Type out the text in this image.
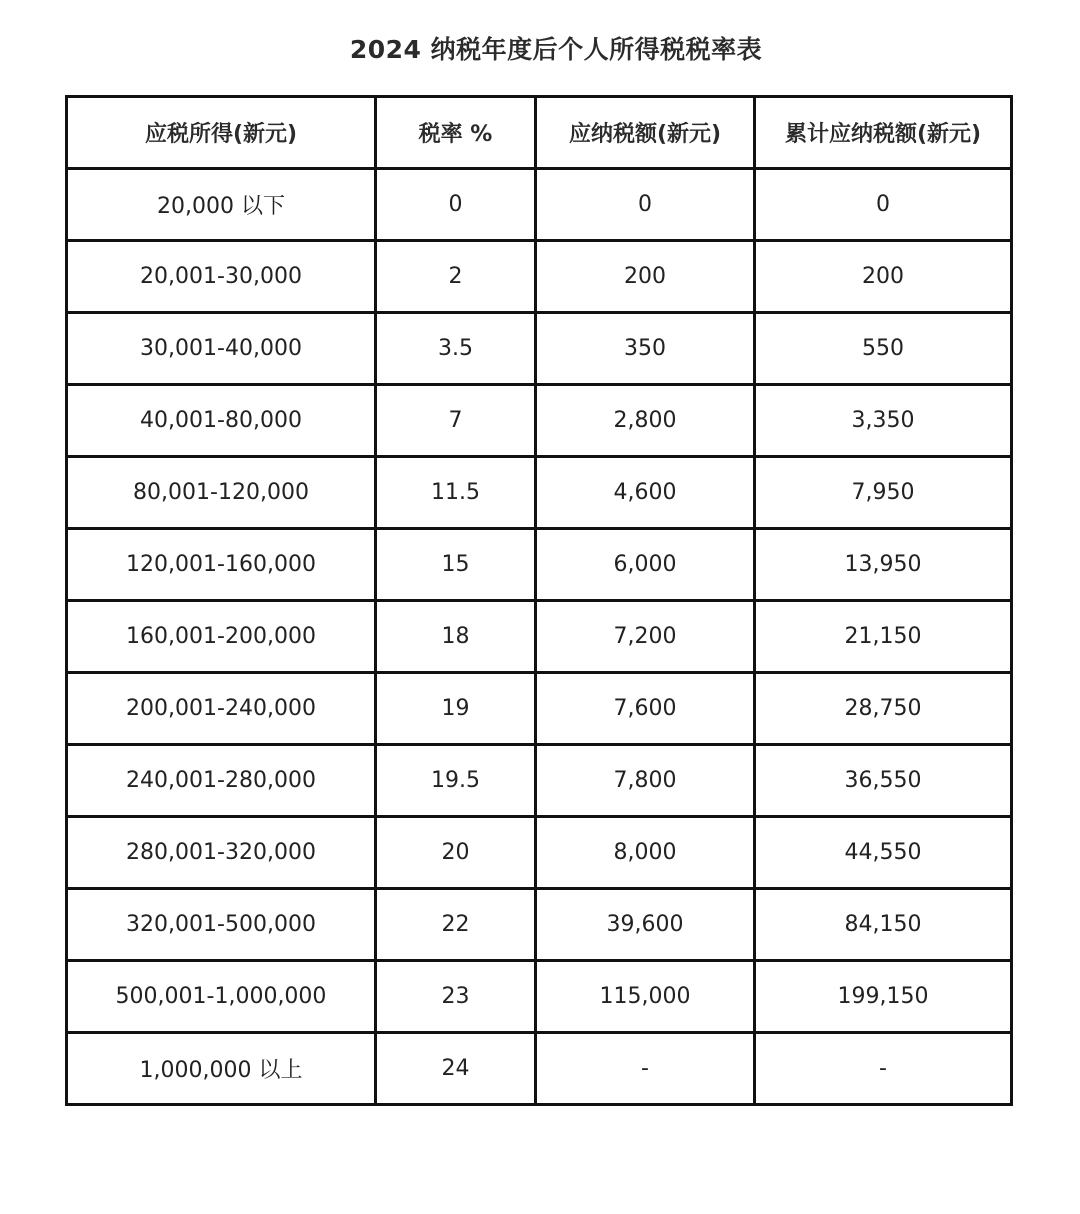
2024 纳税年度后个人所得税税率表
应税所得(新元)	税率 %	应纳税额(新元)	累计应纳税额(新元)
20,000 以下	0	0	0
20,001-30,000	2	200	200
30,001-40,000	3.5	350	550
40,001-80,000	7	2,800	3,350
80,001-120,000	11.5	4,600	7,950
120,001-160,000	15	6,000	13,950
160,001-200,000	18	7,200	21,150
200,001-240,000	19	7,600	28,750
240,001-280,000	19.5	7,800	36,550
280,001-320,000	20	8,000	44,550
320,001-500,000	22	39,600	84,150
500,001-1,000,000	23	115,000	199,150
1,000,000 以上	24	-	-
